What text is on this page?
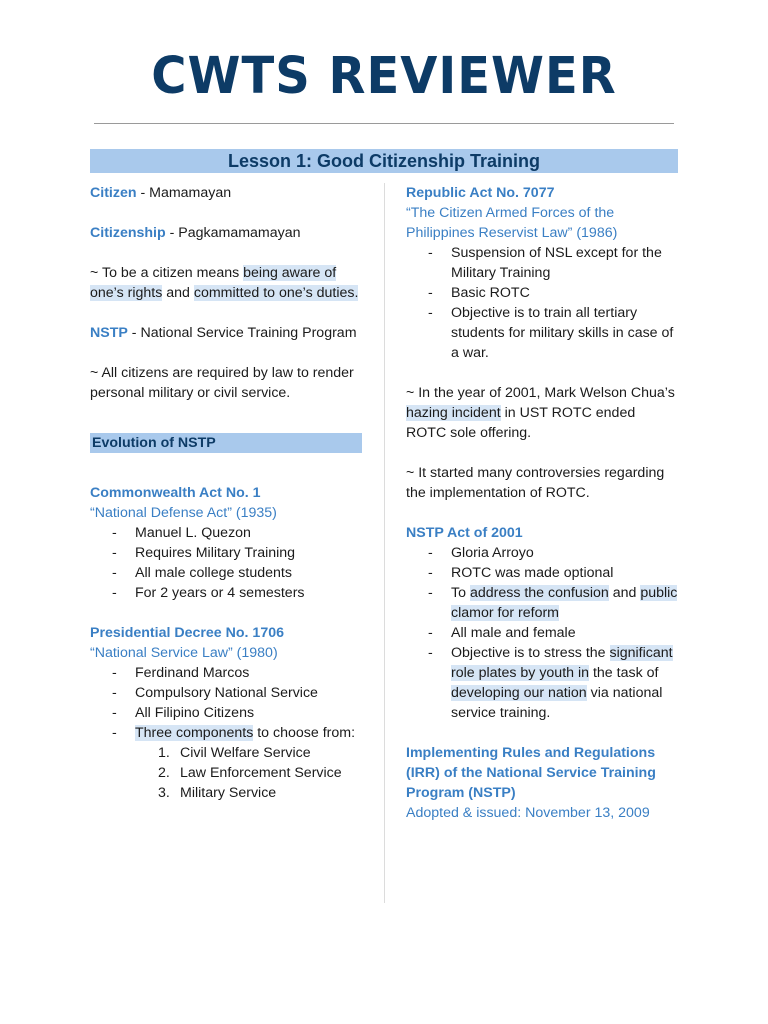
CWTS REVIEWER
Lesson 1: Good Citizenship Training

Citizen - Mamamayan

Citizenship - Pagkamamamayan

~ To be a citizen means being aware of one’s rights and committed to one’s duties.

NSTP - National Service Training Program

~ All citizens are required by law to render personal military or civil service.

Evolution of NSTP

Commonwealth Act No. 1

“National Defense Act” (1935)

- Manuel L. Quezon
- Requires Military Training
- All male college students
- For 2 years or 4 semesters

Presidential Decree No. 1706

“National Service Law” (1980)

- Ferdinand Marcos
- Compulsory National Service
- All Filipino Citizens
- Three components to choose from:
1. Civil Welfare Service
2. Law Enforcement Service
3. Military Service

Republic Act No. 7077

“The Citizen Armed Forces of the Philippines Reservist Law” (1986)

- Suspension of NSL except for the Military Training
- Basic ROTC
- Objective is to train all tertiary students for military skills in case of a war.

~ In the year of 2001, Mark Welson Chua’s hazing incident in UST ROTC ended ROTC sole offering.

~ It started many controversies regarding the implementation of ROTC.

NSTP Act of 2001

- Gloria Arroyo
- ROTC was made optional
- To address the confusion and public clamor for reform
- All male and female
- Objective is to stress the significant role plates by youth in the task of developing our nation via national service training.

Implementing Rules and Regulations (IRR) of the National Service Training Program (NSTP)

Adopted & issued: November 13, 2009
